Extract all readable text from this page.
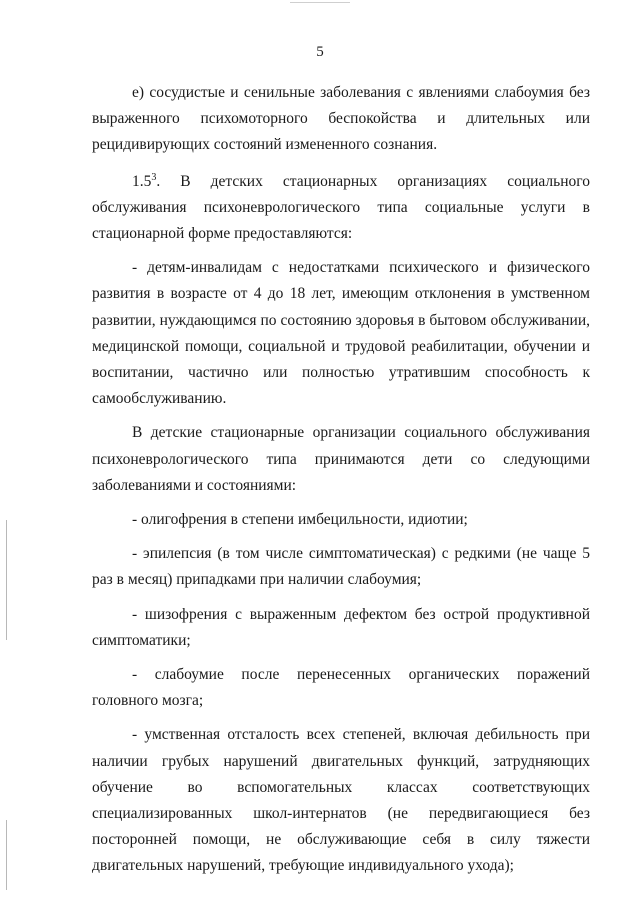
5

е) сосудистые и сенильные заболевания с явлениями слабоумия без выраженного психомоторного беспокойства и длительных или рецидивирующих состояний измененного сознания.

$1.5^3$. В детских стационарных организациях социального обслуживания психоневрологического типа социальные услуги в стационарной форме предоставляются:

- детям-инвалидам с недостатками психического и физического развития в возрасте от 4 до 18 лет, имеющим отклонения в умственном развитии, нуждающимся по состоянию здоровья в бытовом обслуживании, медицинской помощи, социальной и трудовой реабилитации, обучении и воспитании, частично или полностью утратившим способность к самообслуживанию.

В детские стационарные организации социального обслуживания психоневрологического типа принимаются дети со следующими заболеваниями и состояниями:

- олигофрения в степени имбецильности, идиотии;

- эпилепсия (в том числе симптоматическая) с редкими (не чаще 5 раз в месяц) припадками при наличии слабоумия;

- шизофрения с выраженным дефектом без острой продуктивной симптоматики;

- слабоумие после перенесенных органических поражений головного мозга;

- умственная отсталость всех степеней, включая дебильность при наличии грубых нарушений двигательных функций, затрудняющих обучение во вспомогательных классах соответствующих специализированных школ-интернатов (не передвигающиеся без посторонней помощи, не обслуживающие себя в силу тяжести двигательных нарушений, требующие индивидуального ухода);
